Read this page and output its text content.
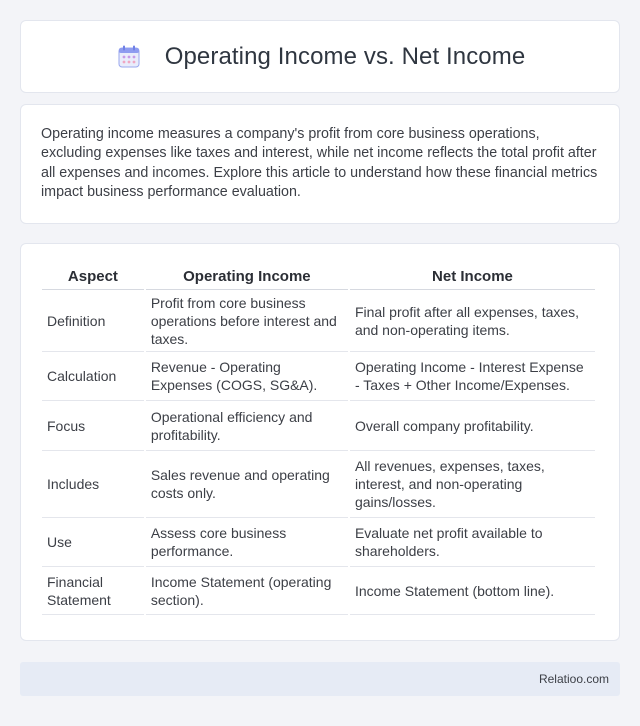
Operating Income vs. Net Income

Operating income measures a company's profit from core business operations, excluding expenses like taxes and interest, while net income reflects the total profit after all expenses and incomes. Explore this article to understand how these financial metrics impact business performance evaluation.

Aspect	Operating Income	Net Income
Definition	Profit from core business operations before interest and taxes.	Final profit after all expenses, taxes, and non-operating items.
Calculation	Revenue - Operating Expenses (COGS, SG&A).	Operating Income - Interest Expense - Taxes + Other Income/Expenses.
Focus	Operational efficiency and profitability.	Overall company profitability.
Includes	Sales revenue and operating costs only.	All revenues, expenses, taxes, interest, and non-operating gains/losses.
Use	Assess core business performance.	Evaluate net profit available to shareholders.
Financial Statement	Income Statement (operating section).	Income Statement (bottom line).
Relatioo.com
